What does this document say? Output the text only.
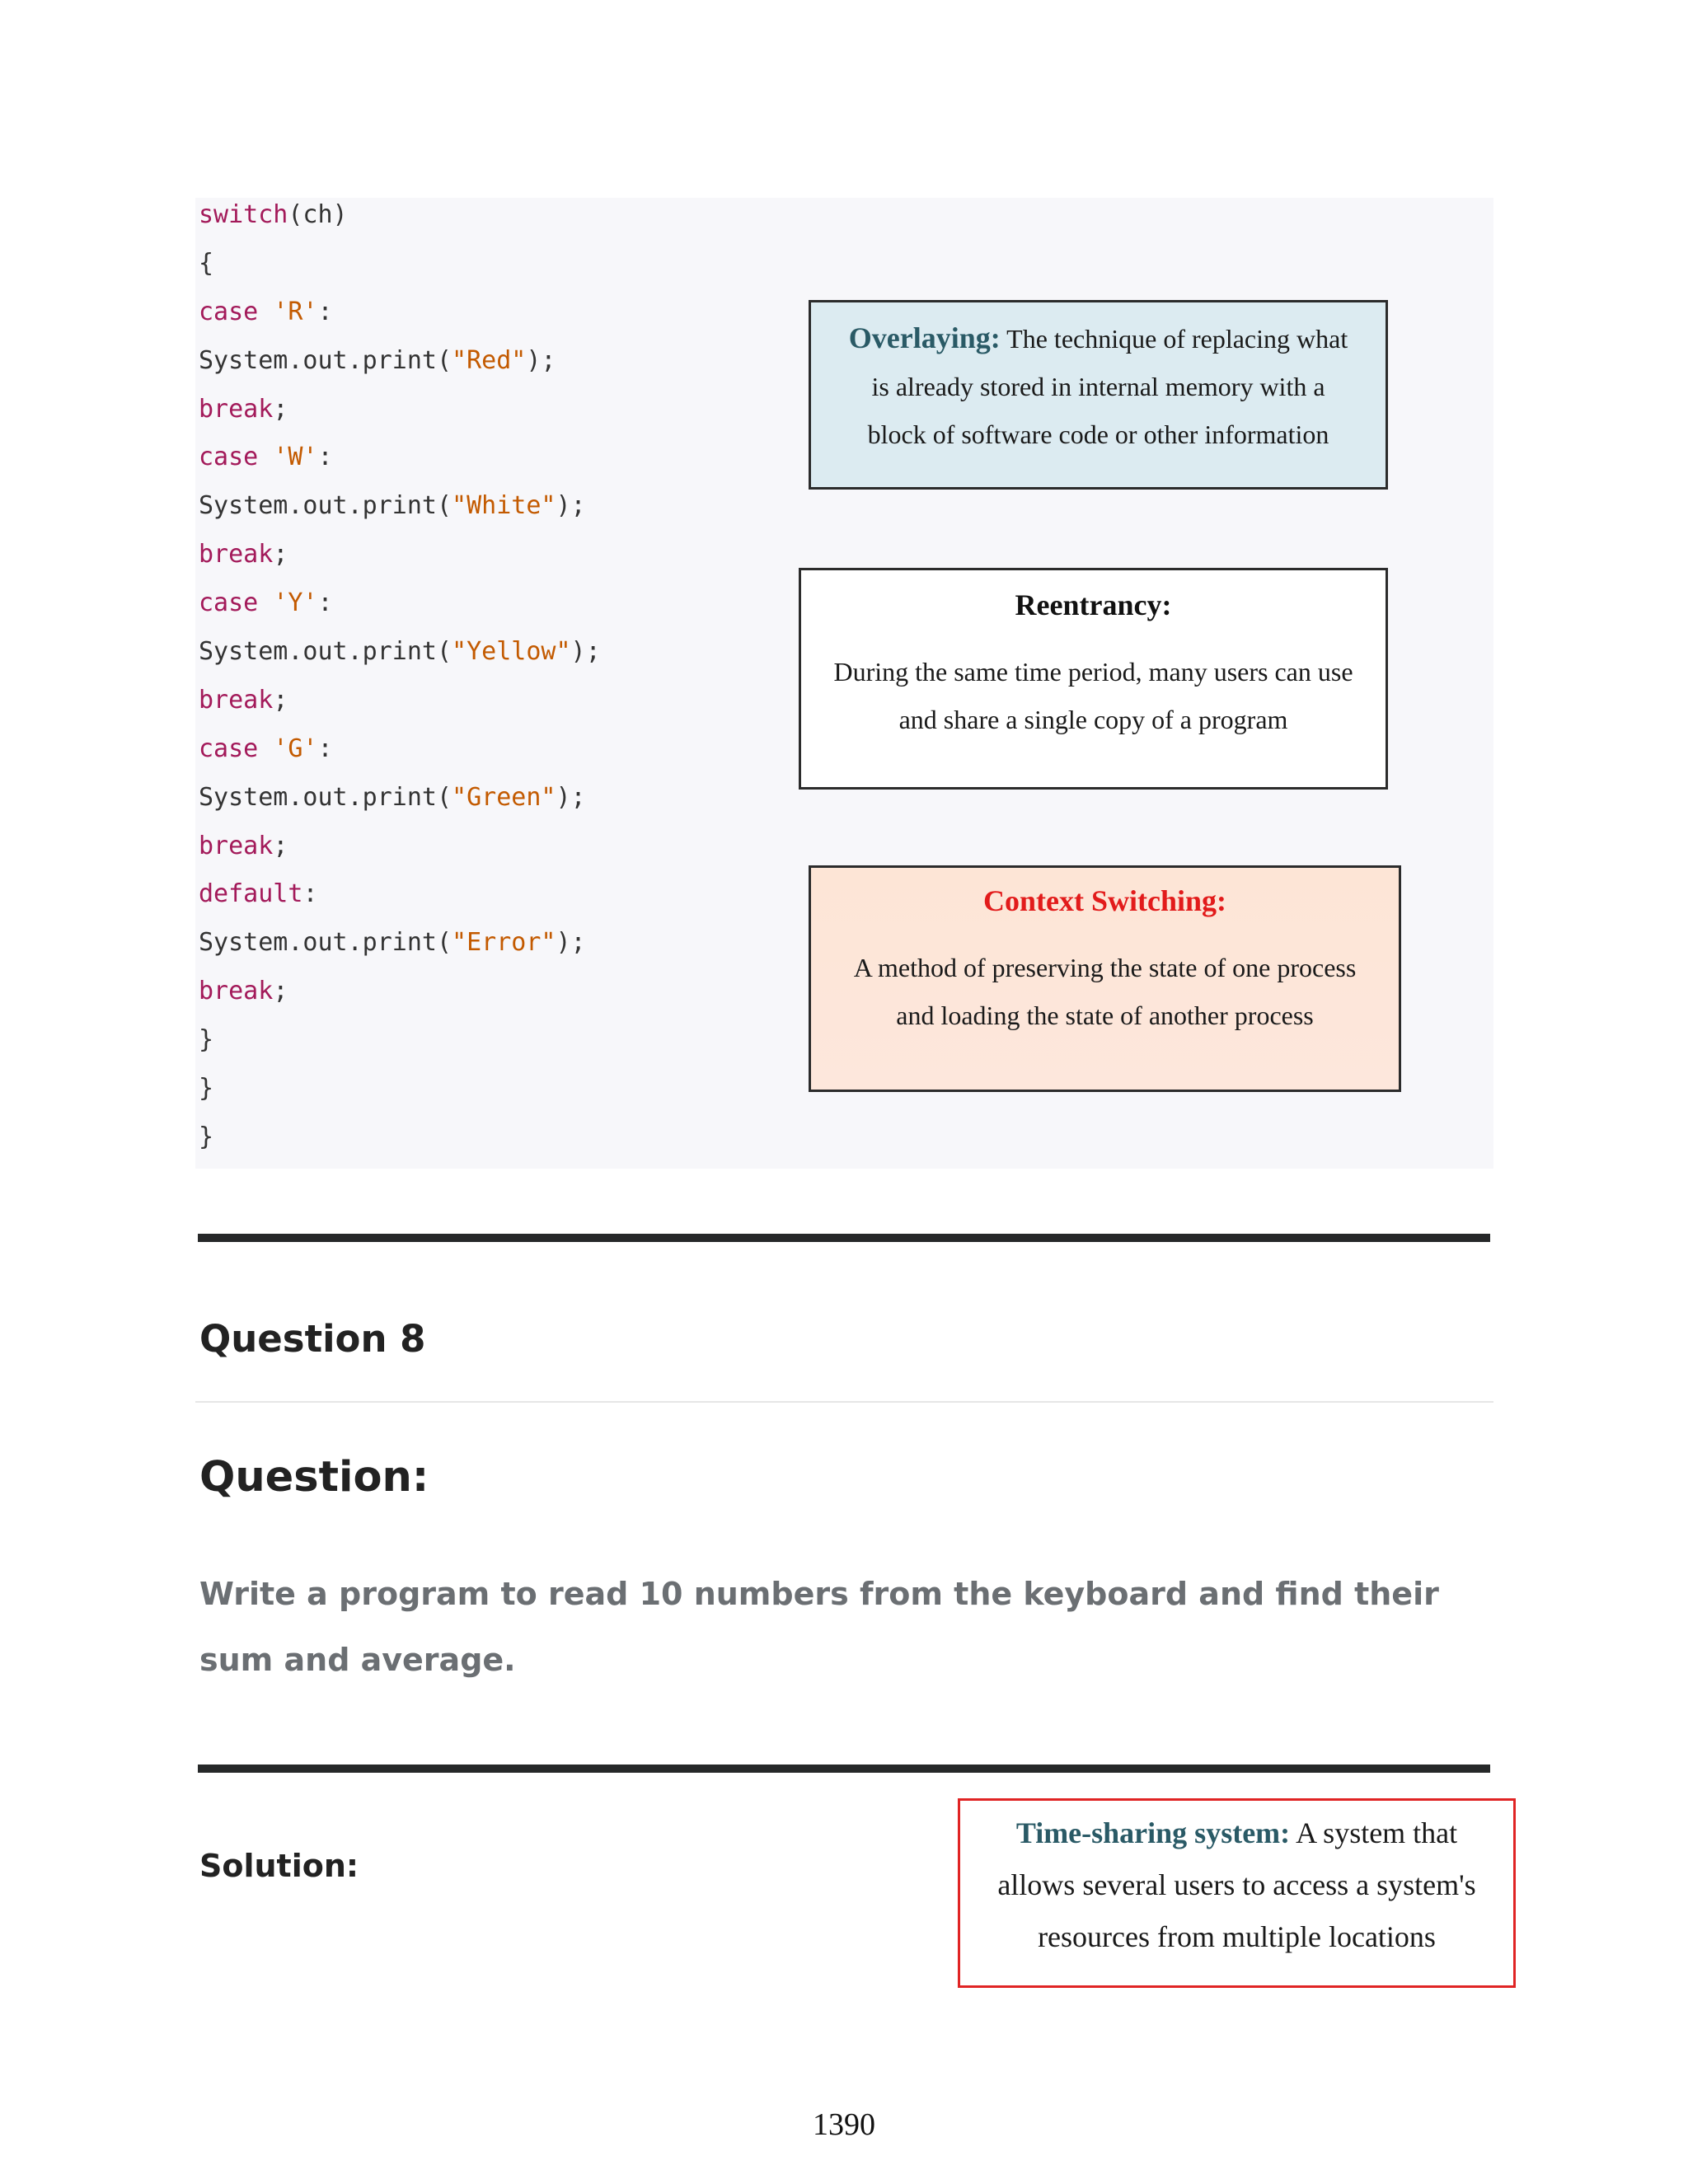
switch(ch)
{
case 'R':
System.out.print("Red");
break;
case 'W':
System.out.print("White");
break;
case 'Y':
System.out.print("Yellow");
break;
case 'G':
System.out.print("Green");
break;
default:
System.out.print("Error");
break;
}
}
}
Overlaying: The technique of replacing what
is already stored in internal memory with a
block of software code or other information
Reentrancy:
During the same time period, many users can use
and share a single copy of a program
Context Switching:
A method of preserving the state of one process
and loading the state of another process
Question 8
Question:
Write a program to read 10 numbers from the keyboard and find their sum and average.
Solution:
Time-sharing system: A system that
allows several users to access a system's
resources from multiple locations
1390
